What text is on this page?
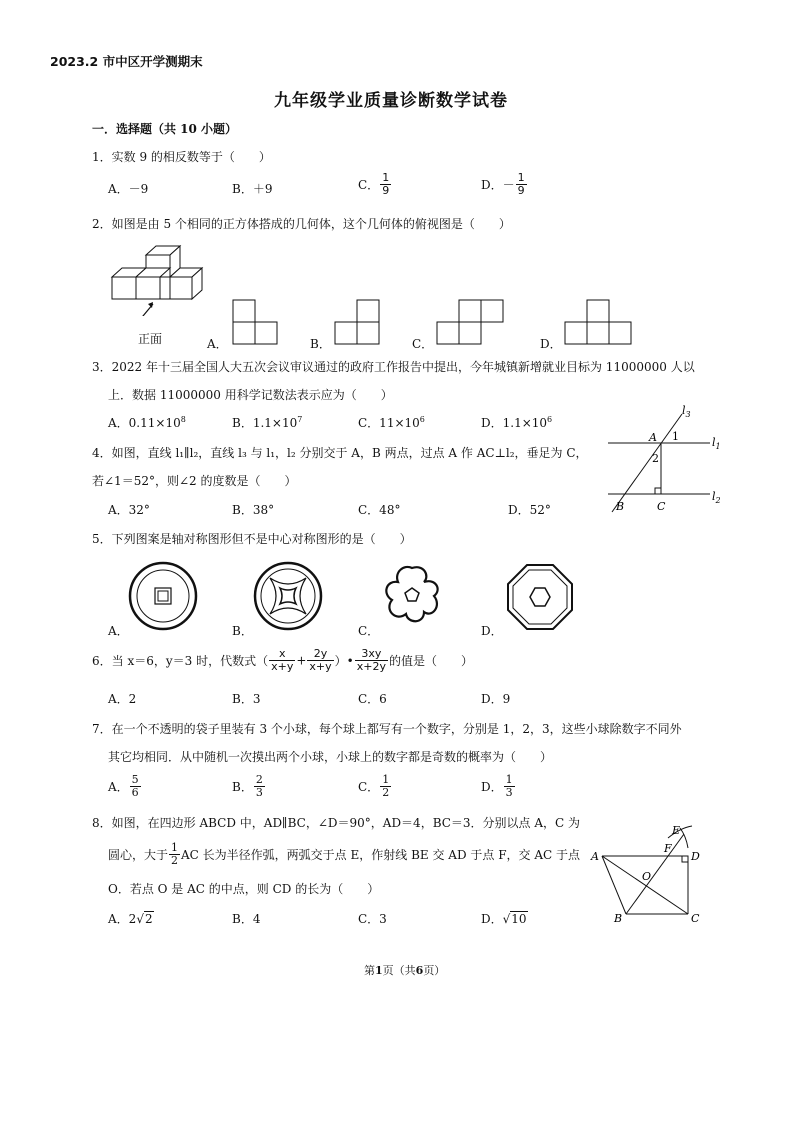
2023.2 市中区开学测期末
九年级学业质量诊断数学试卷
一．选择题（共 10 小题）
1．实数 9 的相反数等于（　　）
A．－9	B．＋9	C． $\frac{1}{9}$	D．－ $\frac{1}{9}$
2．如图是由 5 个相同的正方体搭成的几何体，这个几何体的俯视图是（　　）
正面	A．	B．	C．	D．
3．2022 年十三届全国人大五次会议审议通过的政府工作报告中提出，今年城镇新增就业目标为 11000000 人以
上．数据 11000000 用科学记数法表示应为（　　）
A．$0.11\times 10^8$	B．$1.1\times 10^7$	C．$11\times 10^6$	D．$1.1\times 10^6$
4．如图，直线 l₁∥l₂，直线 l₃ 与 l₁，l₂ 分别交于 A，B 两点，过点 A 作 AC⊥l₂，垂足为 C，
若∠1＝52°，则∠2 的度数是（　　）
A．32°	B．38°	C．48°	D．52°
$l_3$
$l_1$
$l_2$
A 1
2
B	C
5．下列图案是轴对称图形但不是中心对称图形的是（　　）
A．	B．	C．	D．
6．当 x＝6，y＝3 时，代数式（ $\frac{x}{x+y} + \frac{2y}{x+y}$ ）• $\frac{3xy}{x+2y}$ 的值是（　　）
A．2	B．3	C．6	D．9
7．在一个不透明的袋子里装有 3 个小球，每个球上都写有一个数字，分别是 1，2，3，这些小球除数字不同外
其它均相同．从中随机一次摸出两个小球，小球上的数字都是奇数的概率为（　　）
A． $\frac{5}{6}$	B． $\frac{2}{3}$	C． $\frac{1}{2}$	D． $\frac{1}{3}$
8．如图，在四边形 ABCD 中，AD∥BC，∠D＝90°，AD＝4，BC＝3．分别以点 A，C 为
圆心，大于 $\frac{1}{2}$ AC 长为半径作弧，两弧交于点 E，作射线 BE 交 AD 于点 F，交 AC 于点
O．若点 O 是 AC 的中点，则 CD 的长为（　　）
A．2√2	B．4	C．3	D．√10
E
F
A	D
O
B	C
第1页（共6页）
